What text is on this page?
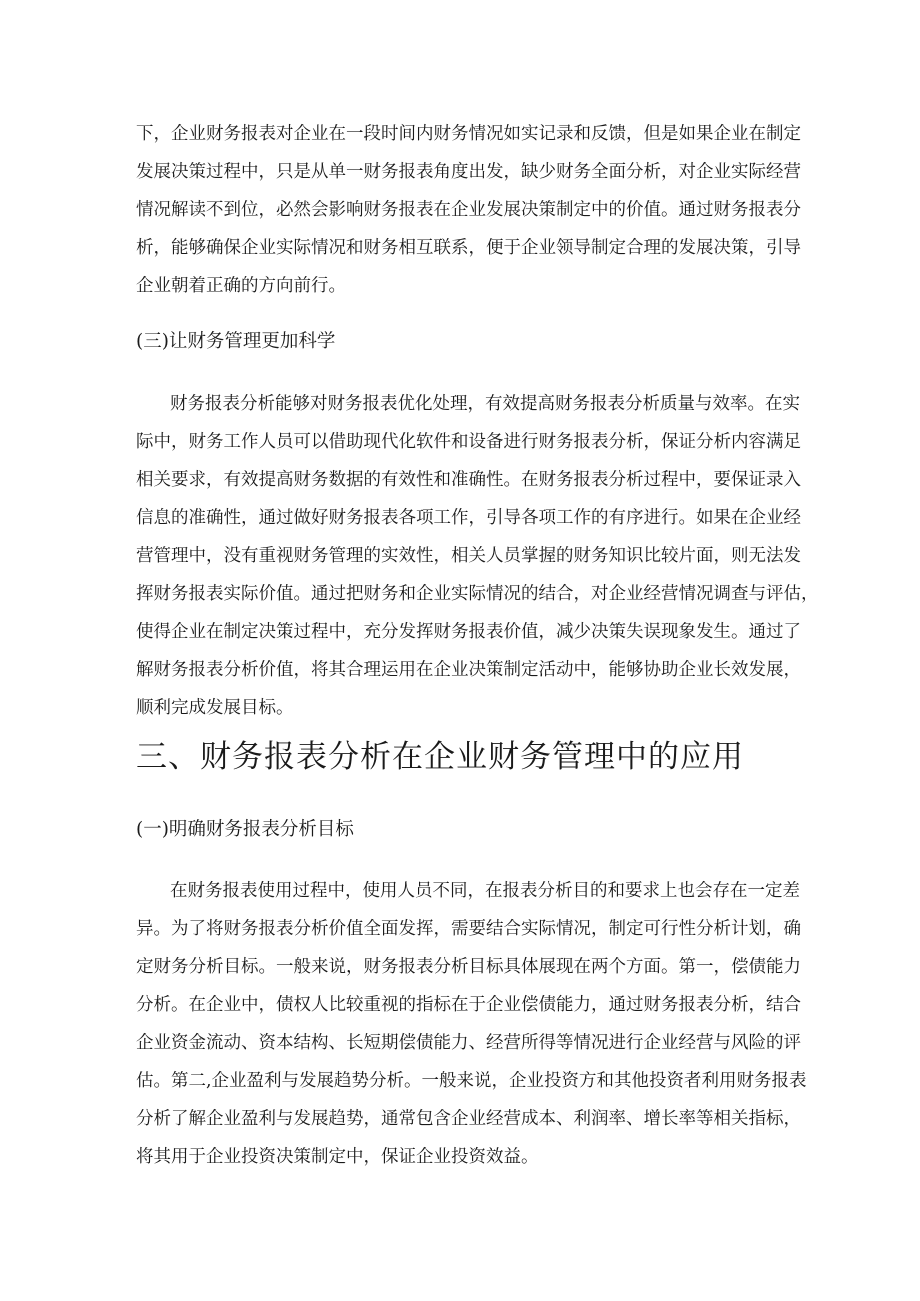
下，企业财务报表对企业在一段时间内财务情况如实记录和反馈，但是如果企业在制定

发展决策过程中，只是从单一财务报表角度出发，缺少财务全面分析，对企业实际经营

情况解读不到位，必然会影响财务报表在企业发展决策制定中的价值。通过财务报表分

析，能够确保企业实际情况和财务相互联系，便于企业领导制定合理的发展决策，引导

企业朝着正确的方向前行。

(三)让财务管理更加科学

财务报表分析能够对财务报表优化处理，有效提高财务报表分析质量与效率。在实

际中，财务工作人员可以借助现代化软件和设备进行财务报表分析，保证分析内容满足

相关要求，有效提高财务数据的有效性和准确性。在财务报表分析过程中，要保证录入

信息的准确性，通过做好财务报表各项工作，引导各项工作的有序进行。如果在企业经

营管理中，没有重视财务管理的实效性，相关人员掌握的财务知识比较片面，则无法发

挥财务报表实际价值。通过把财务和企业实际情况的结合，对企业经营情况调查与评估，

使得企业在制定决策过程中，充分发挥财务报表价值，减少决策失误现象发生。通过了

解财务报表分析价值，将其合理运用在企业决策制定活动中，能够协助企业长效发展，

顺利完成发展目标。

三、财务报表分析在企业财务管理中的应用
(一)明确财务报表分析目标

在财务报表使用过程中，使用人员不同，在报表分析目的和要求上也会存在一定差

异。为了将财务报表分析价值全面发挥，需要结合实际情况，制定可行性分析计划，确

定财务分析目标。一般来说，财务报表分析目标具体展现在两个方面。第一，偿债能力

分析。在企业中，债权人比较重视的指标在于企业偿债能力，通过财务报表分析，结合

企业资金流动、资本结构、长短期偿债能力、经营所得等情况进行企业经营与风险的评

估。第二,企业盈利与发展趋势分析。一般来说，企业投资方和其他投资者利用财务报表

分析了解企业盈利与发展趋势，通常包含企业经营成本、利润率、增长率等相关指标，

将其用于企业投资决策制定中，保证企业投资效益。
